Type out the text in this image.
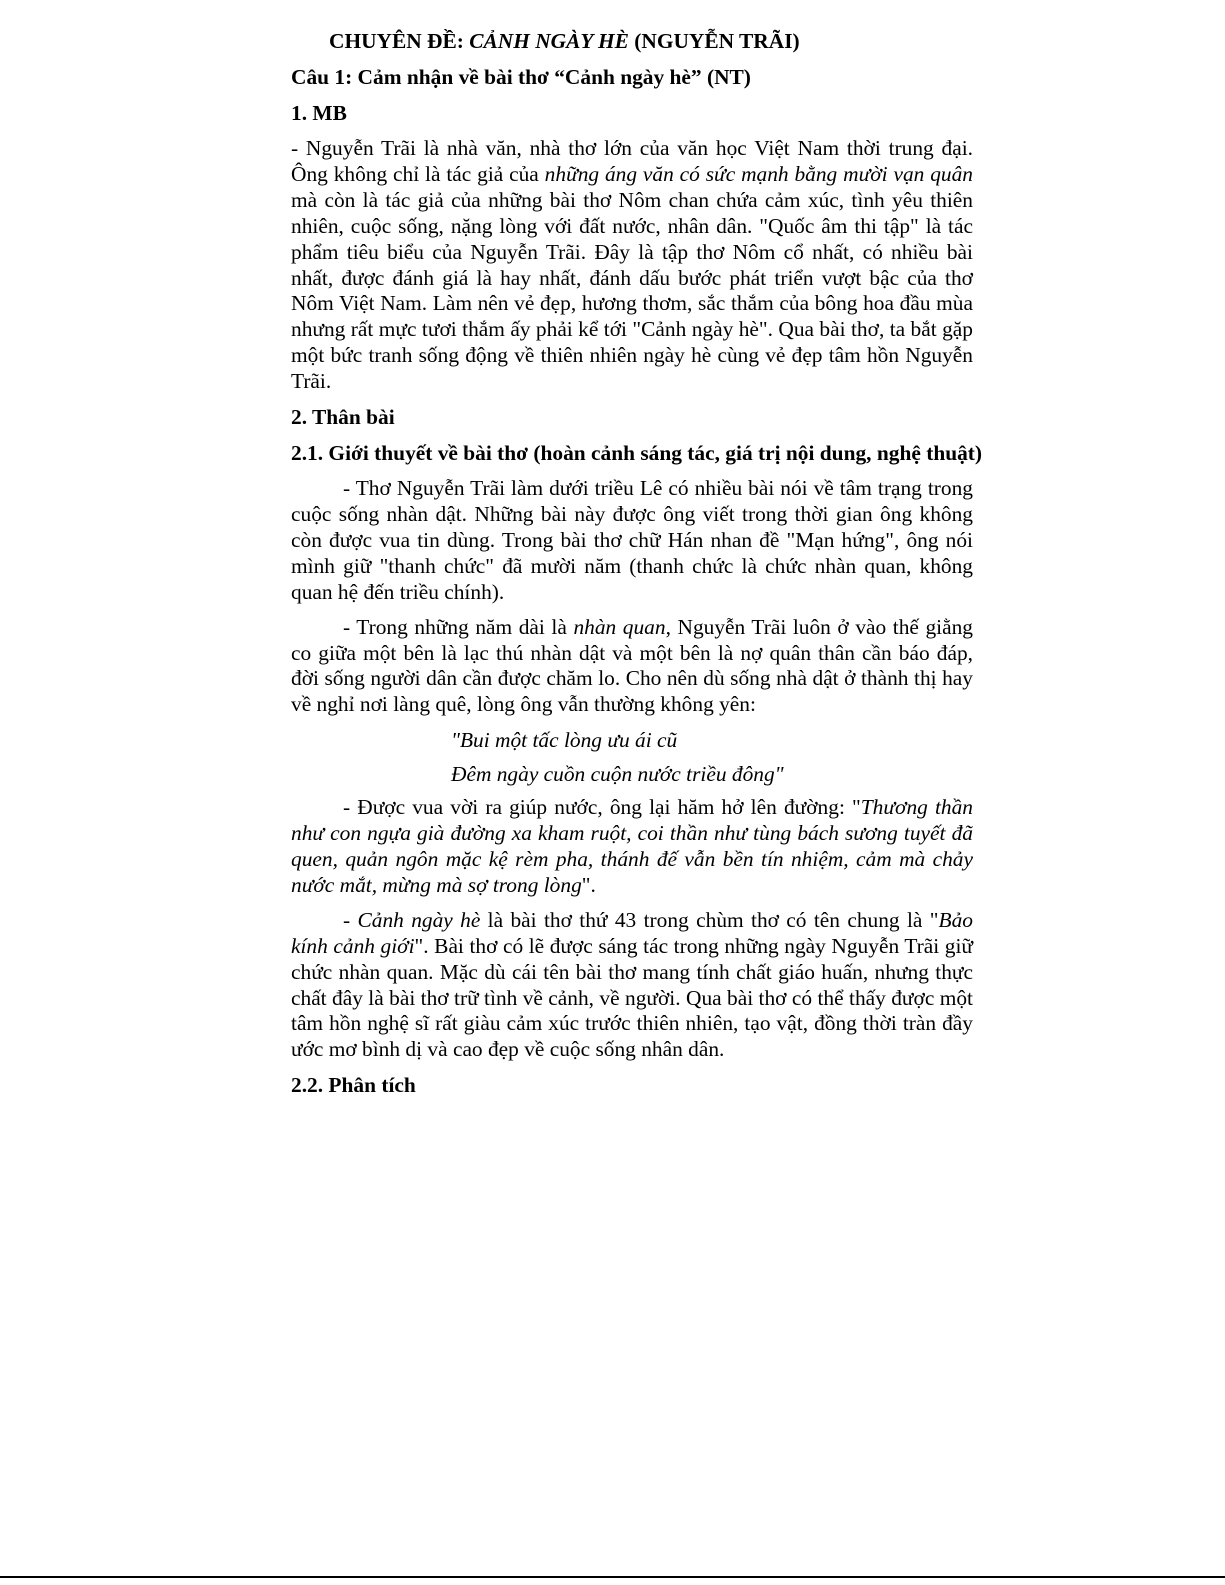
CHUYÊN ĐỀ: CẢNH NGÀY HÈ (NGUYỄN TRÃI)
Câu 1: Cảm nhận về bài thơ “Cảnh ngày hè” (NT)
1. MB

- Nguyễn Trãi là nhà văn, nhà thơ lớn của văn học Việt Nam thời trung đại. Ông không chỉ là tác giả của những áng văn có sức mạnh bằng mười vạn quân mà còn là tác giả của những bài thơ Nôm chan chứa cảm xúc, tình yêu thiên nhiên, cuộc sống, nặng lòng với đất nước, nhân dân. "Quốc âm thi tập" là tác phẩm tiêu biểu của Nguyễn Trãi. Đây là tập thơ Nôm cổ nhất, có nhiều bài nhất, được đánh giá là hay nhất, đánh dấu bước phát triển vượt bậc của thơ Nôm Việt Nam. Làm nên vẻ đẹp, hương thơm, sắc thắm của bông hoa đầu mùa nhưng rất mực tươi thắm ấy phải kể tới "Cảnh ngày hè". Qua bài thơ, ta bắt gặp một bức tranh sống động về thiên nhiên ngày hè cùng vẻ đẹp tâm hồn Nguyễn Trãi.

2. Thân bài
2.1. Giới thuyết về bài thơ (hoàn cảnh sáng tác, giá trị nội dung, nghệ thuật)

- Thơ Nguyễn Trãi làm dưới triều Lê có nhiều bài nói về tâm trạng trong cuộc sống nhàn dật. Những bài này được ông viết trong thời gian ông không còn được vua tin dùng. Trong bài thơ chữ Hán nhan đề "Mạn hứng", ông nói mình giữ "thanh chức" đã mười năm (thanh chức là chức nhàn quan, không quan hệ đến triều chính).

- Trong những năm dài là nhàn quan, Nguyễn Trãi luôn ở vào thế giằng co giữa một bên là lạc thú nhàn dật và một bên là nợ quân thân cần báo đáp, đời sống người dân cần được chăm lo. Cho nên dù sống nhà dật ở thành thị hay về nghỉ nơi làng quê, lòng ông vẫn thường không yên:

"Bui một tấc lòng ưu ái cũ
Đêm ngày cuồn cuộn nước triều đông"

- Được vua vời ra giúp nước, ông lại hăm hở lên đường: "Thương thần như con ngựa già đường xa kham ruột, coi thần như tùng bách sương tuyết đã quen, quản ngôn mặc kệ rèm pha, thánh đế vẫn bền tín nhiệm, cảm mà chảy nước mắt, mừng mà sợ trong lòng".

- Cảnh ngày hè là bài thơ thứ 43 trong chùm thơ có tên chung là "Bảo kính cảnh giới". Bài thơ có lẽ được sáng tác trong những ngày Nguyễn Trãi giữ chức nhàn quan. Mặc dù cái tên bài thơ mang tính chất giáo huấn, nhưng thực chất đây là bài thơ trữ tình về cảnh, về người. Qua bài thơ có thể thấy được một tâm hồn nghệ sĩ rất giàu cảm xúc trước thiên nhiên, tạo vật, đồng thời tràn đầy ước mơ bình dị và cao đẹp về cuộc sống nhân dân.

2.2. Phân tích
